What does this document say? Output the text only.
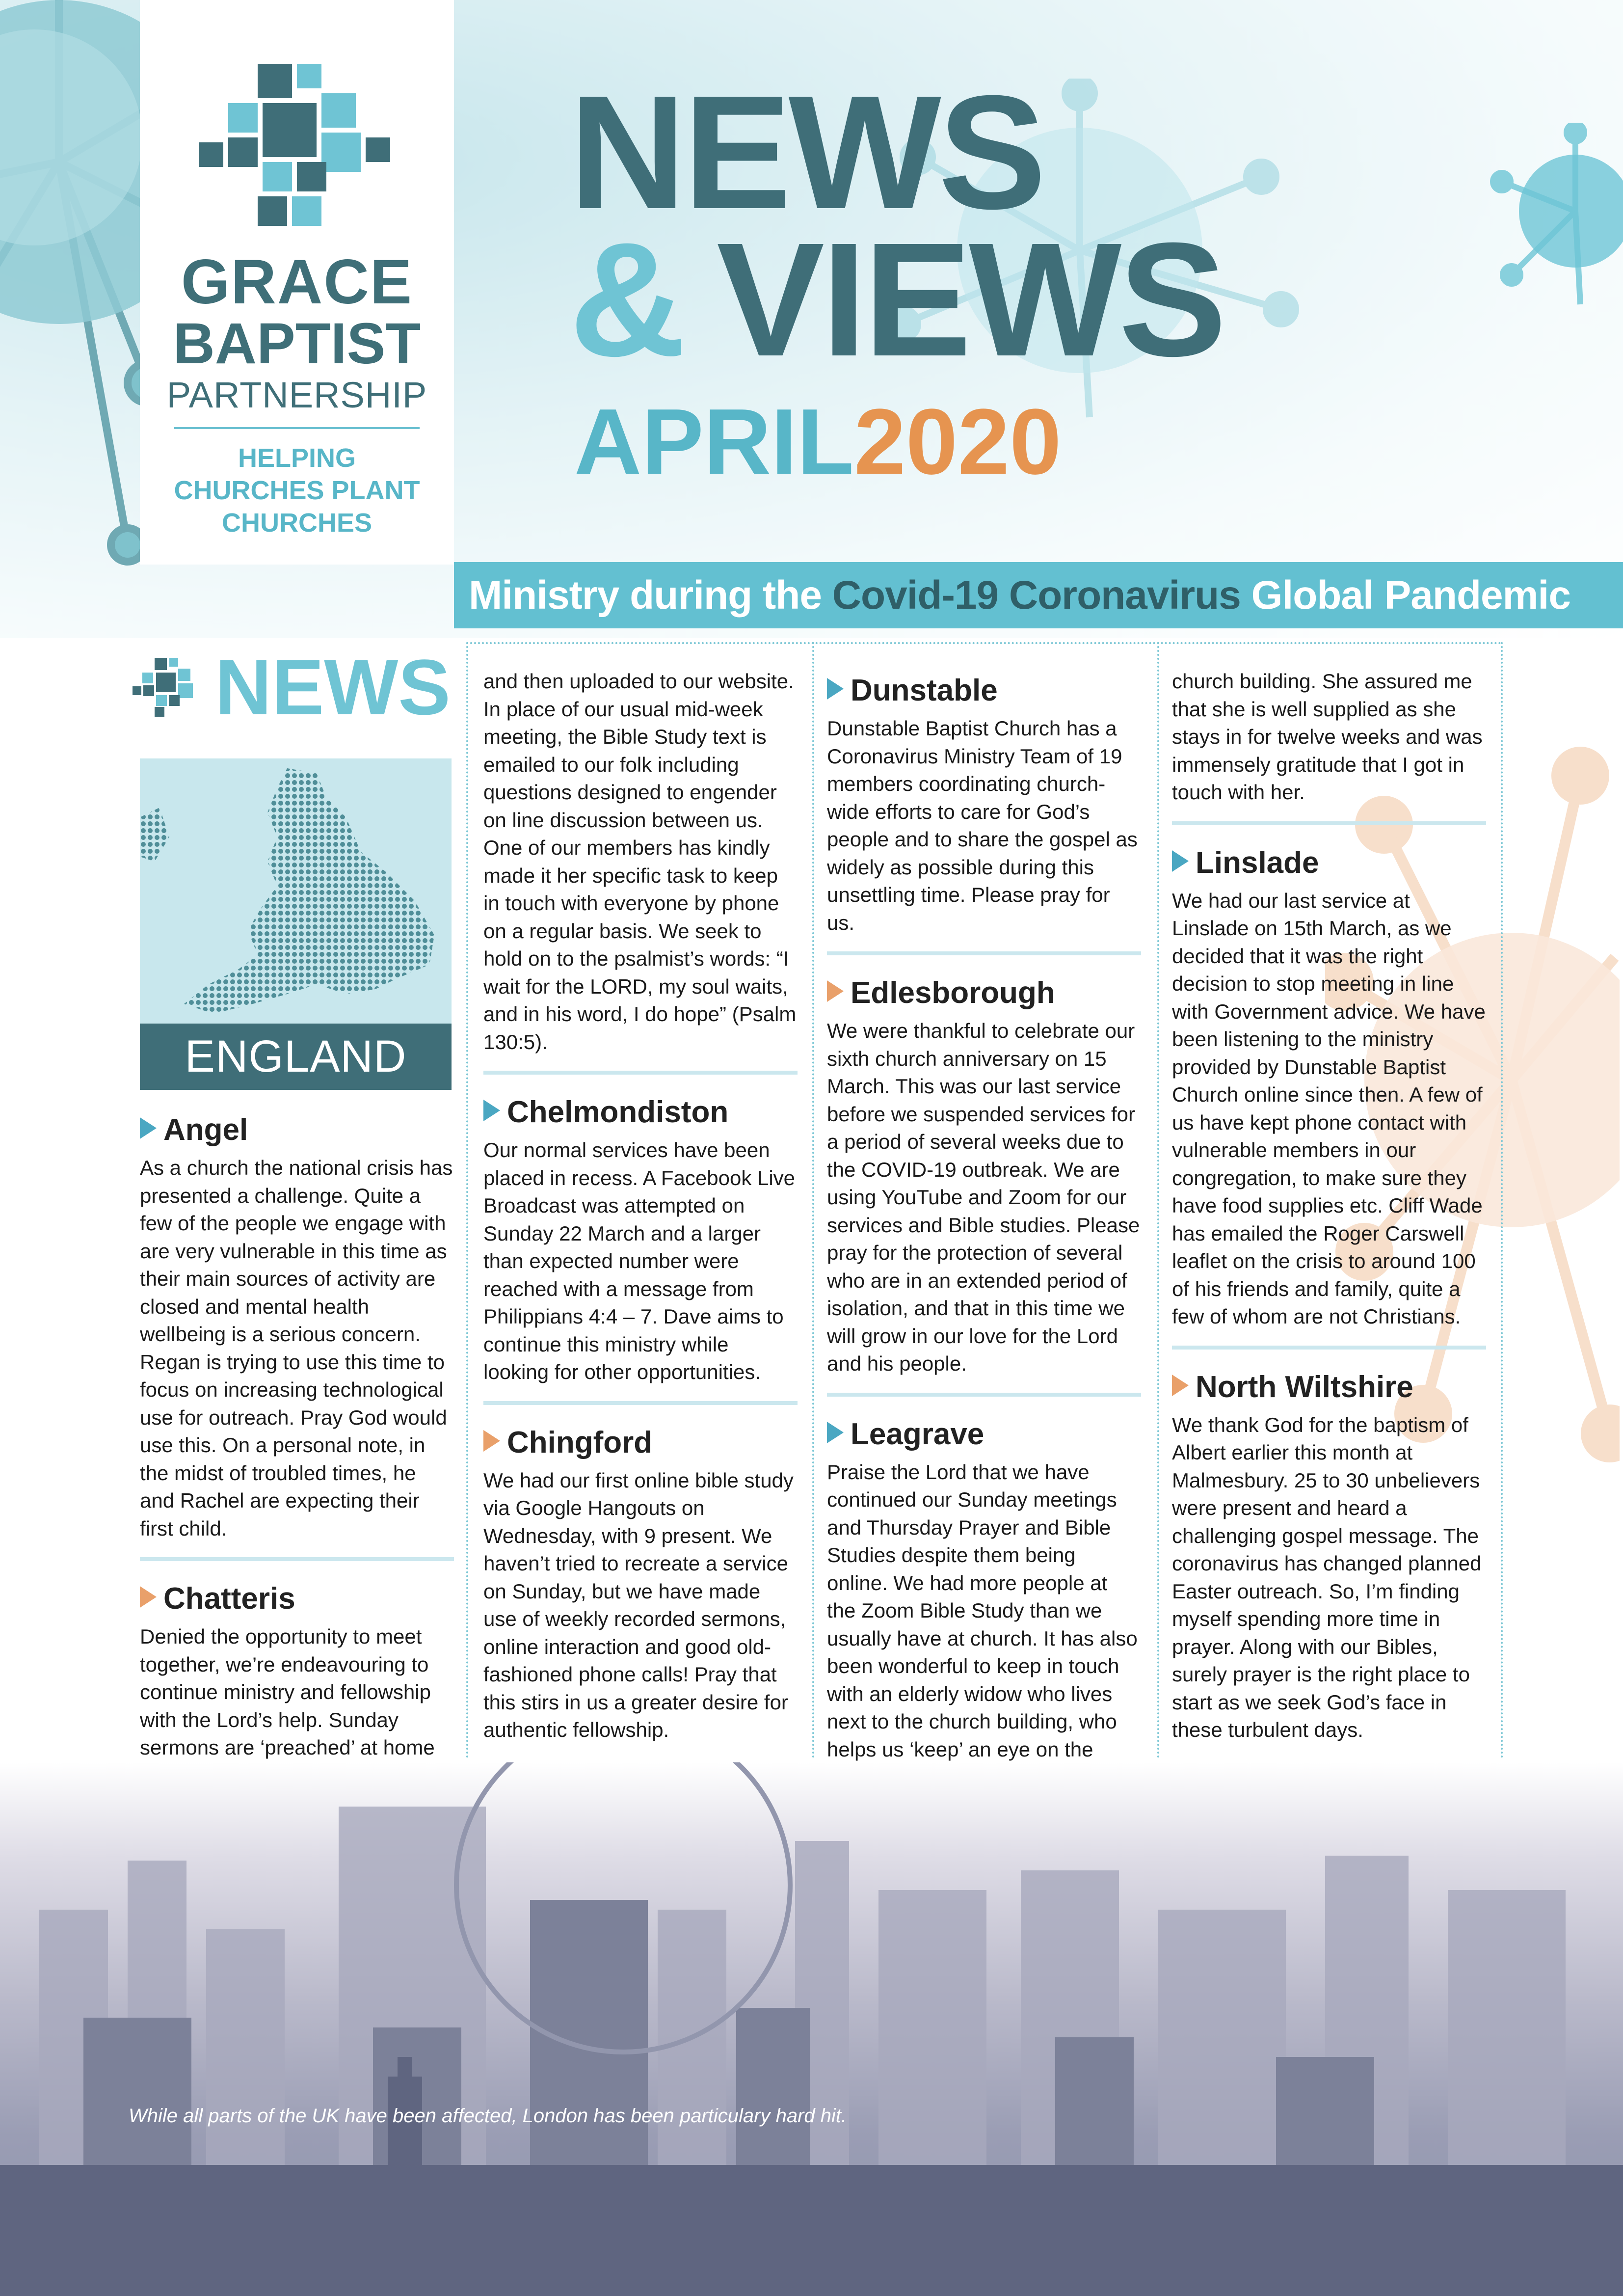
GRACE
BAPTIST
PARTNERSHIP
HELPING
CHURCHES PLANT
CHURCHES
NEWS
& VIEWS
APRIL 2020
Ministry during the Covid-19 Coronavirus Global Pandemic
NEWS
ENGLAND
Angel
As a church the national crisis has presented a challenge. Quite a few of the people we engage with are very vulnerable in this time as their main sources of activity are closed and mental health wellbeing is a serious concern. Regan is trying to use this time to focus on increasing technological use for outreach. Pray God would use this. On a personal note, in the midst of troubled times, he and Rachel are expecting their first child.
Chatteris
Denied the opportunity to meet together, we’re endeavouring to continue ministry and fellowship with the Lord’s help. Sunday sermons are ‘preached’ at home
and then uploaded to our website. In place of our usual mid-week meeting, the Bible Study text is emailed to our folk including questions designed to engender on line discussion between us. One of our members has kindly made it her specific task to keep in touch with everyone by phone on a regular basis. We seek to hold on to the psalmist’s words: “I wait for the LORD, my soul waits, and in his word, I do hope” (Psalm 130:5).
Chelmondiston
Our normal services have been placed in recess. A Facebook Live Broadcast was attempted on Sunday 22 March and a larger than expected number were reached with a message from Philippians 4:4 – 7. Dave aims to continue this ministry while looking for other opportunities.
Chingford
We had our first online bible study via Google Hangouts on Wednesday, with 9 present. We haven’t tried to recreate a service on Sunday, but we have made use of weekly recorded sermons, online interaction and good old-fashioned phone calls! Pray that this stirs in us a greater desire for authentic fellowship.
Dunstable
Dunstable Baptist Church has a Coronavirus Ministry Team of 19 members coordinating church-wide efforts to care for God’s people and to share the gospel as widely as possible during this unsettling time. Please pray for us.
Edlesborough
We were thankful to celebrate our sixth church anniversary on 15 March. This was our last service before we suspended services for a period of several weeks due to the COVID-19 outbreak. We are using YouTube and Zoom for our services and Bible studies. Please pray for the protection of several who are in an extended period of isolation, and that in this time we will grow in our love for the Lord and his people.
Leagrave
Praise the Lord that we have continued our Sunday meetings and Thursday Prayer and Bible Studies despite them being online. We had more people at the Zoom Bible Study than we usually have at church. It has also been wonderful to keep in touch with an elderly widow who lives next to the church building, who helps us ‘keep’ an eye on the
church building. She assured me that she is well supplied as she stays in for twelve weeks and was immensely gratitude that I got in touch with her.
Linslade
We had our last service at Linslade on 15th March, as we decided that it was the right decision to stop meeting in line with Government advice. We have been listening to the ministry provided by Dunstable Baptist Church online since then. A few of us have kept phone contact with vulnerable members in our congregation, to make sure they have food supplies etc. Cliff Wade has emailed the Roger Carswell leaflet on the crisis to around 100 of his friends and family, quite a few of whom are not Christians.
North Wiltshire
We thank God for the baptism of Albert earlier this month at Malmesbury. 25 to 30 unbelievers were present and heard a challenging gospel message. The coronavirus has changed planned Easter outreach. So, I’m finding myself spending more time in prayer. Along with our Bibles, surely prayer is the right place to start as we seek God’s face in these turbulent days.
While all parts of the UK have been affected, London has been particulary hard hit.
